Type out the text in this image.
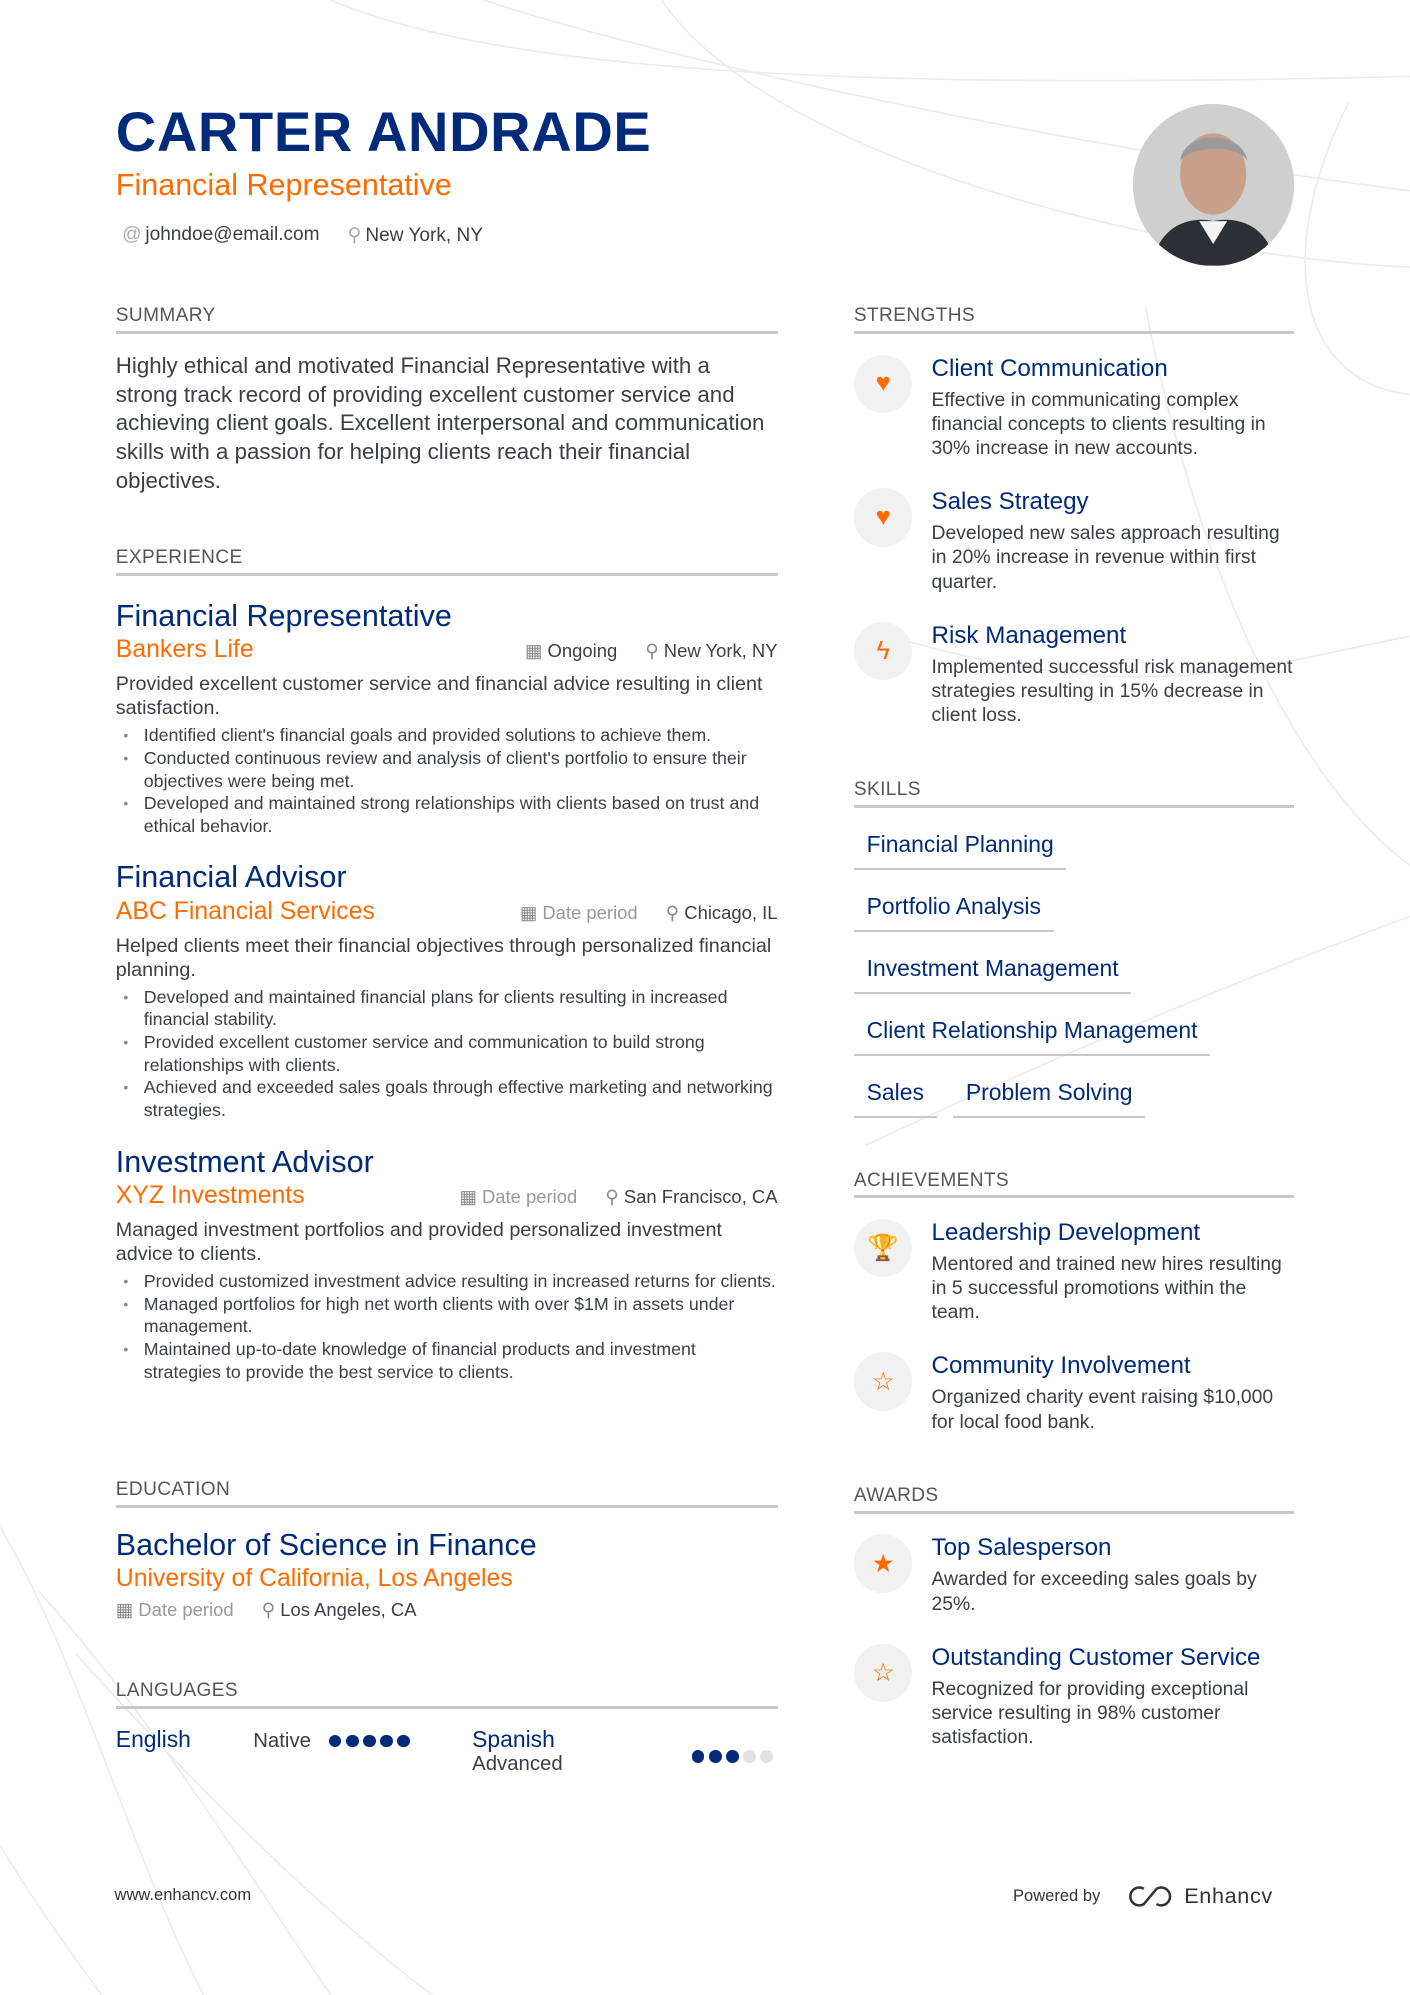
CARTER ANDRADE
Financial Representative
@ johndoe@email.com ⚲ New York, NY
SUMMARY
Highly ethical and motivated Financial Representative with a strong track record of providing excellent customer service and achieving client goals. Excellent interpersonal and communication skills with a passion for helping clients reach their financial objectives.
EXPERIENCE
Financial Representative
Bankers Life	▦ Ongoing ⚲ New York, NY
Provided excellent customer service and financial advice resulting in client satisfaction.
• Identified client's financial goals and provided solutions to achieve them.
• Conducted continuous review and analysis of client's portfolio to ensure their objectives were being met.
• Developed and maintained strong relationships with clients based on trust and ethical behavior.
Financial Advisor
ABC Financial Services	▦ Date period ⚲ Chicago, IL
Helped clients meet their financial objectives through personalized financial planning.
• Developed and maintained financial plans for clients resulting in increased financial stability.
• Provided excellent customer service and communication to build strong relationships with clients.
• Achieved and exceeded sales goals through effective marketing and networking strategies.
Investment Advisor
XYZ Investments	▦ Date period ⚲ San Francisco, CA
Managed investment portfolios and provided personalized investment advice to clients.
• Provided customized investment advice resulting in increased returns for clients.
• Managed portfolios for high net worth clients with over $1M in assets under management.
• Maintained up-to-date knowledge of financial products and investment strategies to provide the best service to clients.
EDUCATION
Bachelor of Science in Finance
University of California, Los Angeles
▦ Date period ⚲ Los Angeles, CA
LANGUAGES
English	Native	Spanish
Advanced
STRENGTHS
♥
Client Communication
Effective in communicating complex financial concepts to clients resulting in 30% increase in new accounts.
♥
Sales Strategy
Developed new sales approach resulting in 20% increase in revenue within first quarter.
ϟ
Risk Management
Implemented successful risk management strategies resulting in 15% decrease in client loss.
SKILLS
Financial Planning
Portfolio Analysis
Investment Management
Client Relationship Management
Sales	Problem Solving
ACHIEVEMENTS
🏆
Leadership Development
Mentored and trained new hires resulting in 5 successful promotions within the team.
☆
Community Involvement
Organized charity event raising $10,000 for local food bank.
AWARDS
★
Top Salesperson
Awarded for exceeding sales goals by 25%.
☆
Outstanding Customer Service
Recognized for providing exceptional service resulting in 98% customer satisfaction.
www.enhancv.com	Powered by	Enhancv
